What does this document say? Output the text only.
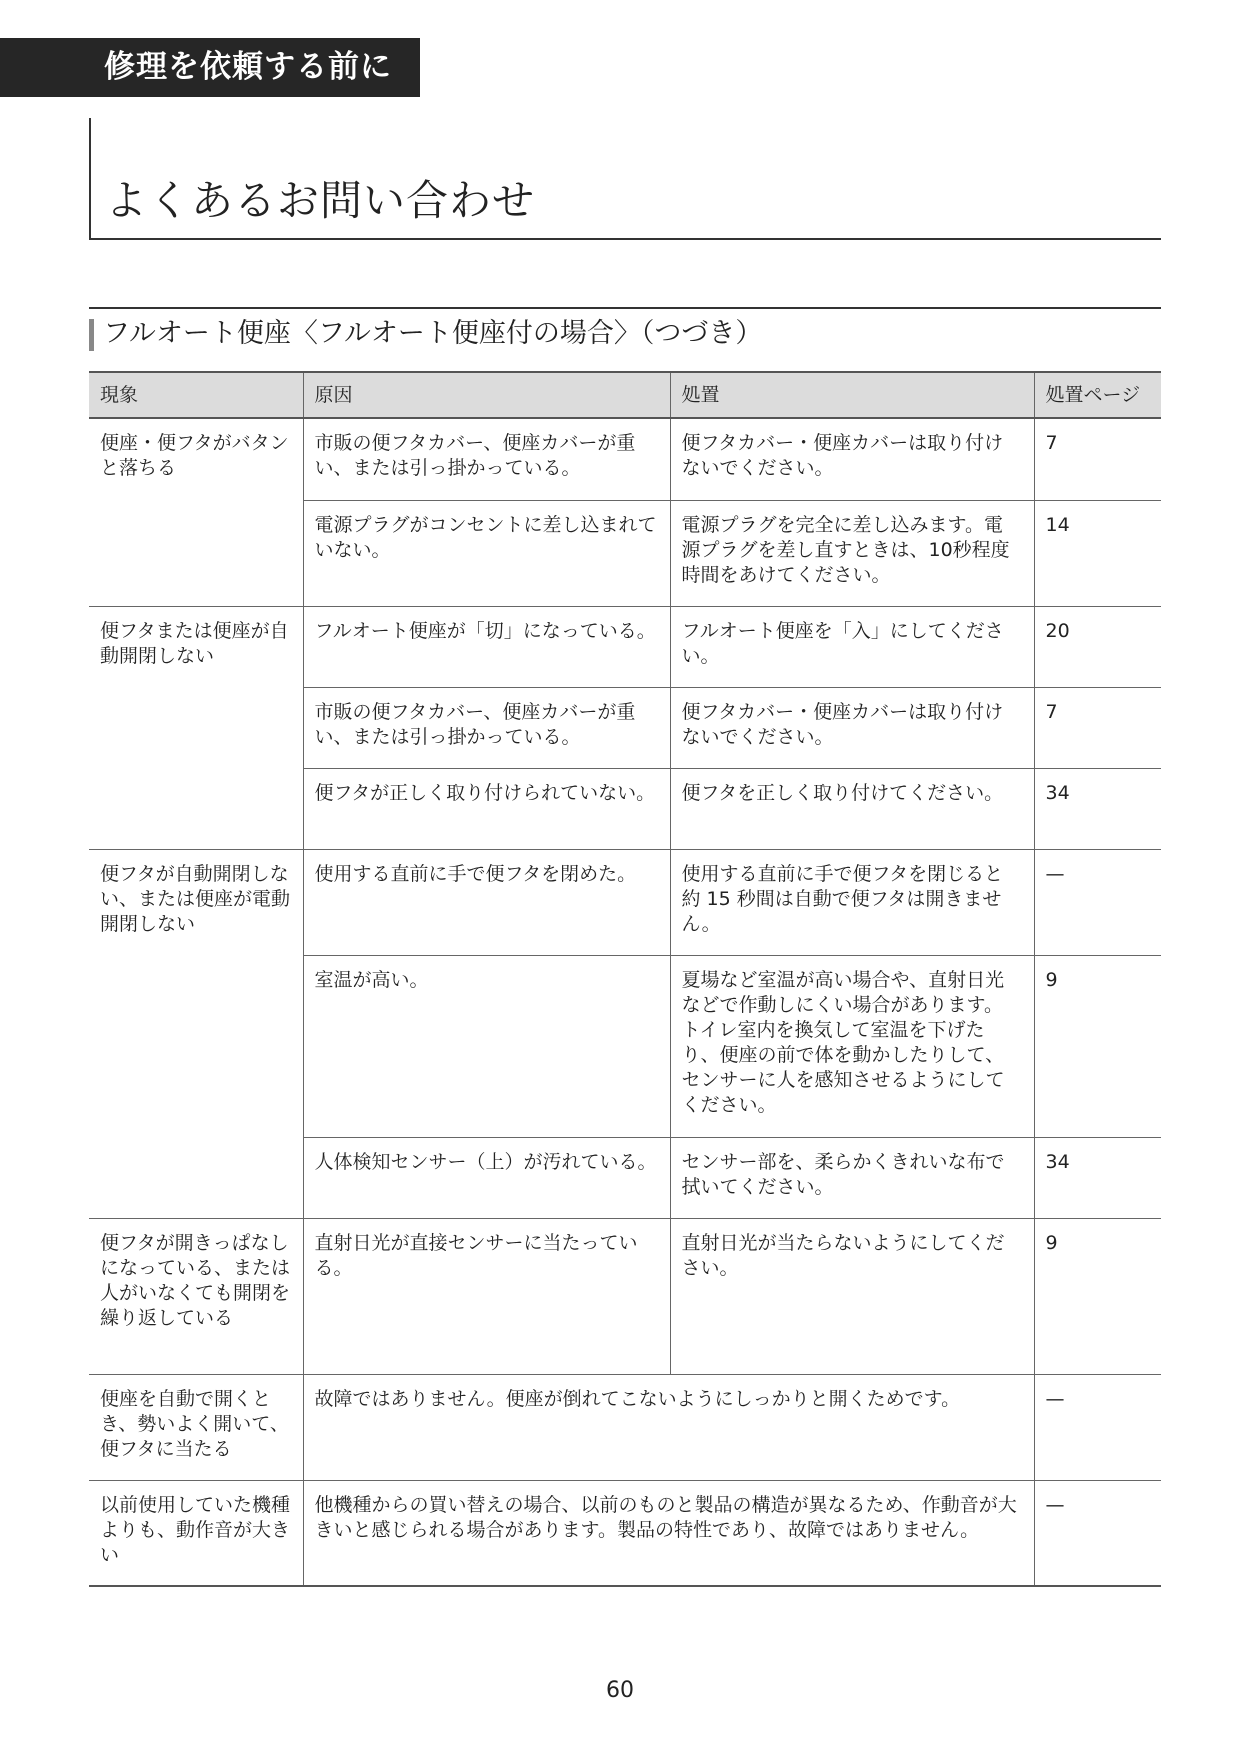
修理を依頼する前に
よくあるお問い合わせ
フルオート便座〈フルオート便座付の場合〉（つづき）
現象	原因	処置	処置ページ
便座・便フタがバタンと落ちる	市販の便フタカバー、便座カバーが重い、または引っ掛かっている。	便フタカバー・便座カバーは取り付けないでください。	7
	電源プラグがコンセントに差し込まれていない。	電源プラグを完全に差し込みます。電源プラグを差し直すときは、10秒程度時間をあけてください。	14
便フタまたは便座が自動開閉しない	フルオート便座が「切」になっている。	フルオート便座を「入」にしてください。	20
	市販の便フタカバー、便座カバーが重い、または引っ掛かっている。	便フタカバー・便座カバーは取り付けないでください。	7
	便フタが正しく取り付けられていない。	便フタを正しく取り付けてください。	34
便フタが自動開閉しない、または便座が電動開閉しない	使用する直前に手で便フタを閉めた。	使用する直前に手で便フタを閉じると約 15 秒間は自動で便フタは開きません。	—
	室温が高い。	夏場など室温が高い場合や、直射日光などで作動しにくい場合があります。トイレ室内を換気して室温を下げたり、便座の前で体を動かしたりして、センサーに人を感知させるようにしてください。	9
	人体検知センサー（上）が汚れている。	センサー部を、柔らかくきれいな布で拭いてください。	34
便フタが開きっぱなしになっている、または人がいなくても開閉を繰り返している	直射日光が直接センサーに当たっている。	直射日光が当たらないようにしてください。	9
便座を自動で開くとき、勢いよく開いて、便フタに当たる	故障ではありません。便座が倒れてこないようにしっかりと開くためです。		—
以前使用していた機種よりも、動作音が大きい	他機種からの買い替えの場合、以前のものと製品の構造が異なるため、作動音が大きいと感じられる場合があります。製品の特性であり、故障ではありません。		—
60
